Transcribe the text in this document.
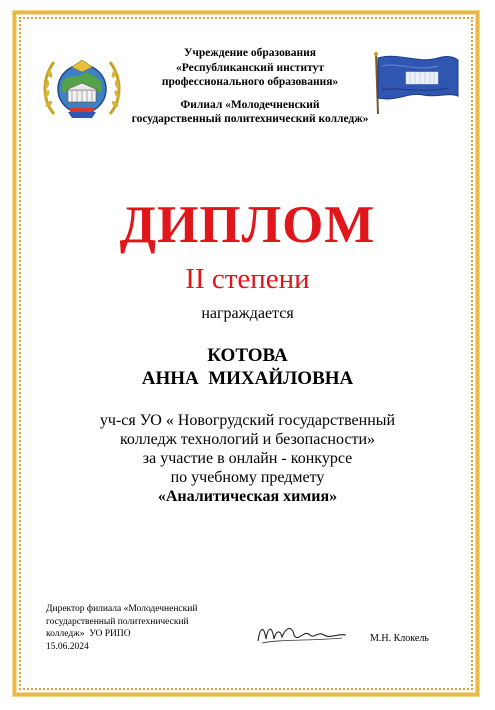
Учреждение образования
«Республиканский институт
профессионального образования»
Филиал «Молодечненский
государственный политехнический колледж»
ДИПЛОМ
II степени
награждается
КОТОВА
АННА  МИХАЙЛОВНА
уч-ся УО « Новогрудский государственный
колледж технологий и безопасности»
за участие в онлайн - конкурсе
по учебному предмету
«Аналитическая химия»
Директор филиала «Молодечненский
государственный политехнический
колледж»  УО РИПО
15.06.2024
М.Н. Клокель
